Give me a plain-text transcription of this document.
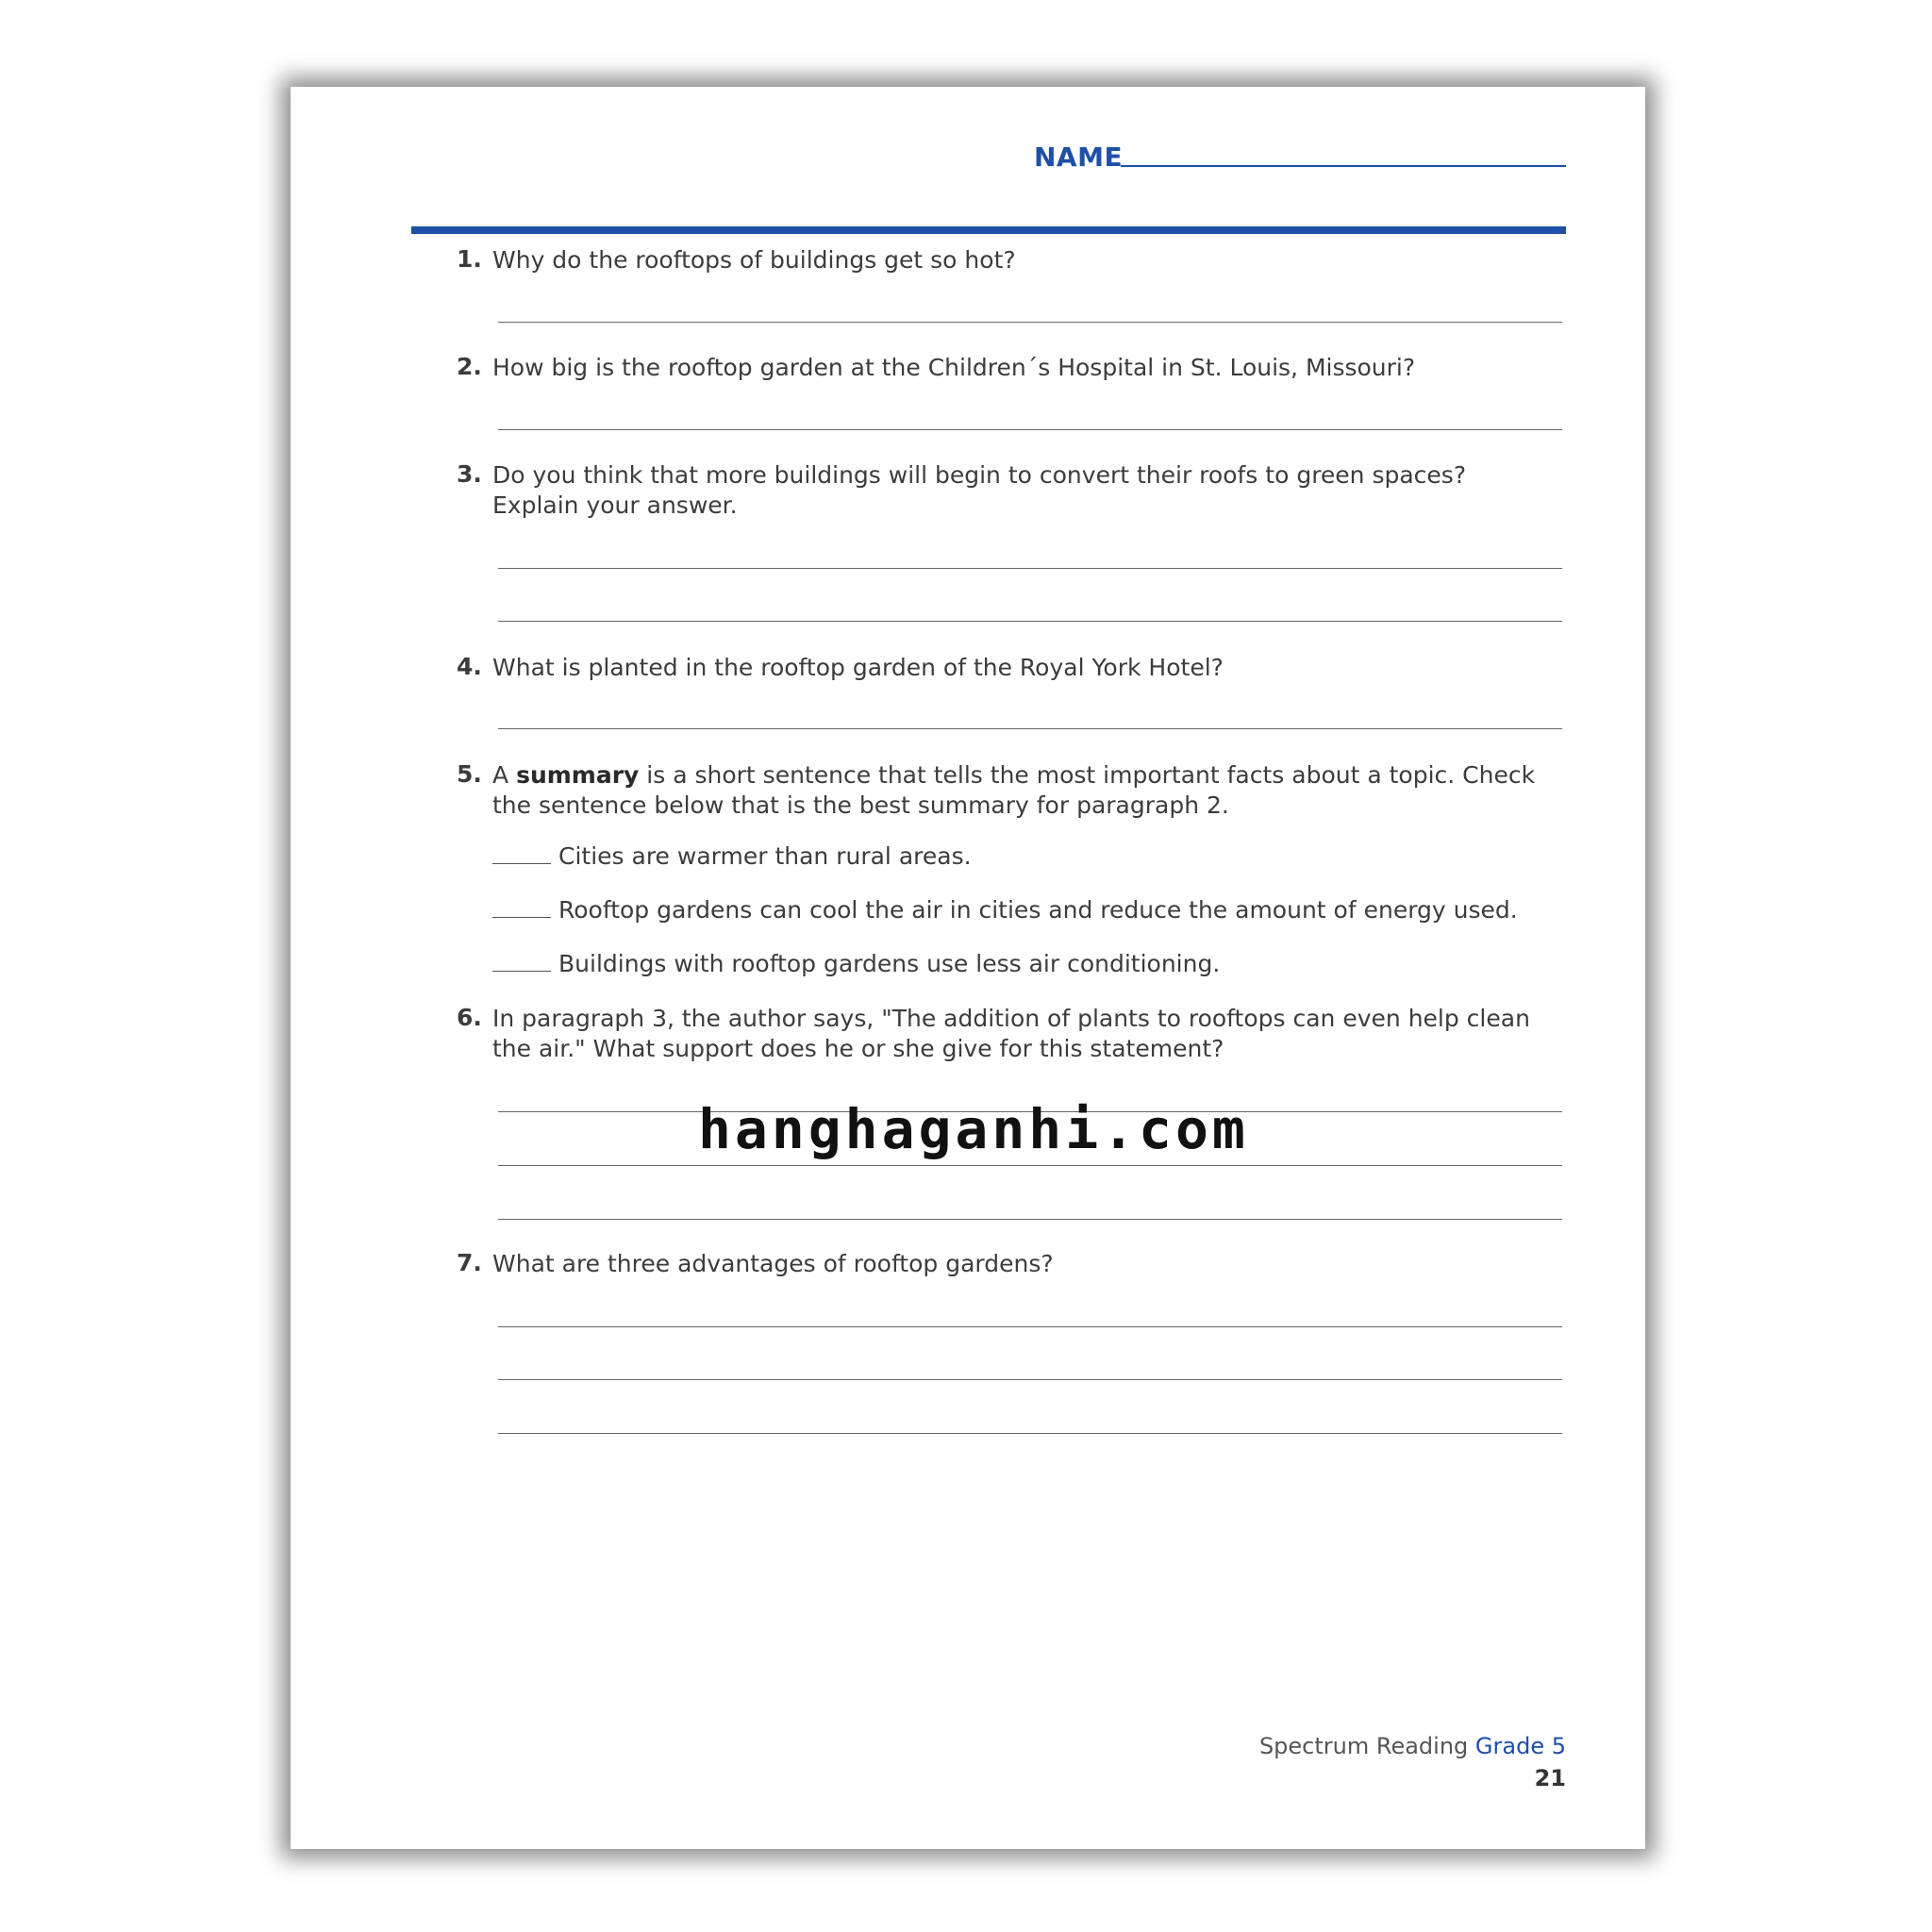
NAME
1. Why do the rooftops of buildings get so hot?
2. How big is the rooftop garden at the Children´s Hospital in St. Louis, Missouri?
3. Do you think that more buildings will begin to convert their roofs to green spaces? Explain your answer.
4. What is planted in the rooftop garden of the Royal York Hotel?
5. A summary is a short sentence that tells the most important facts about a topic. Check the sentence below that is the best summary for paragraph 2.
Cities are warmer than rural areas.
Rooftop gardens can cool the air in cities and reduce the amount of energy used.
Buildings with rooftop gardens use less air conditioning.
6. In paragraph 3, the author says, "The addition of plants to rooftops can even help clean the air." What support does he or she give for this statement?
hanghaganhi.com
7. What are three advantages of rooftop gardens?
Spectrum Reading Grade 5
21
